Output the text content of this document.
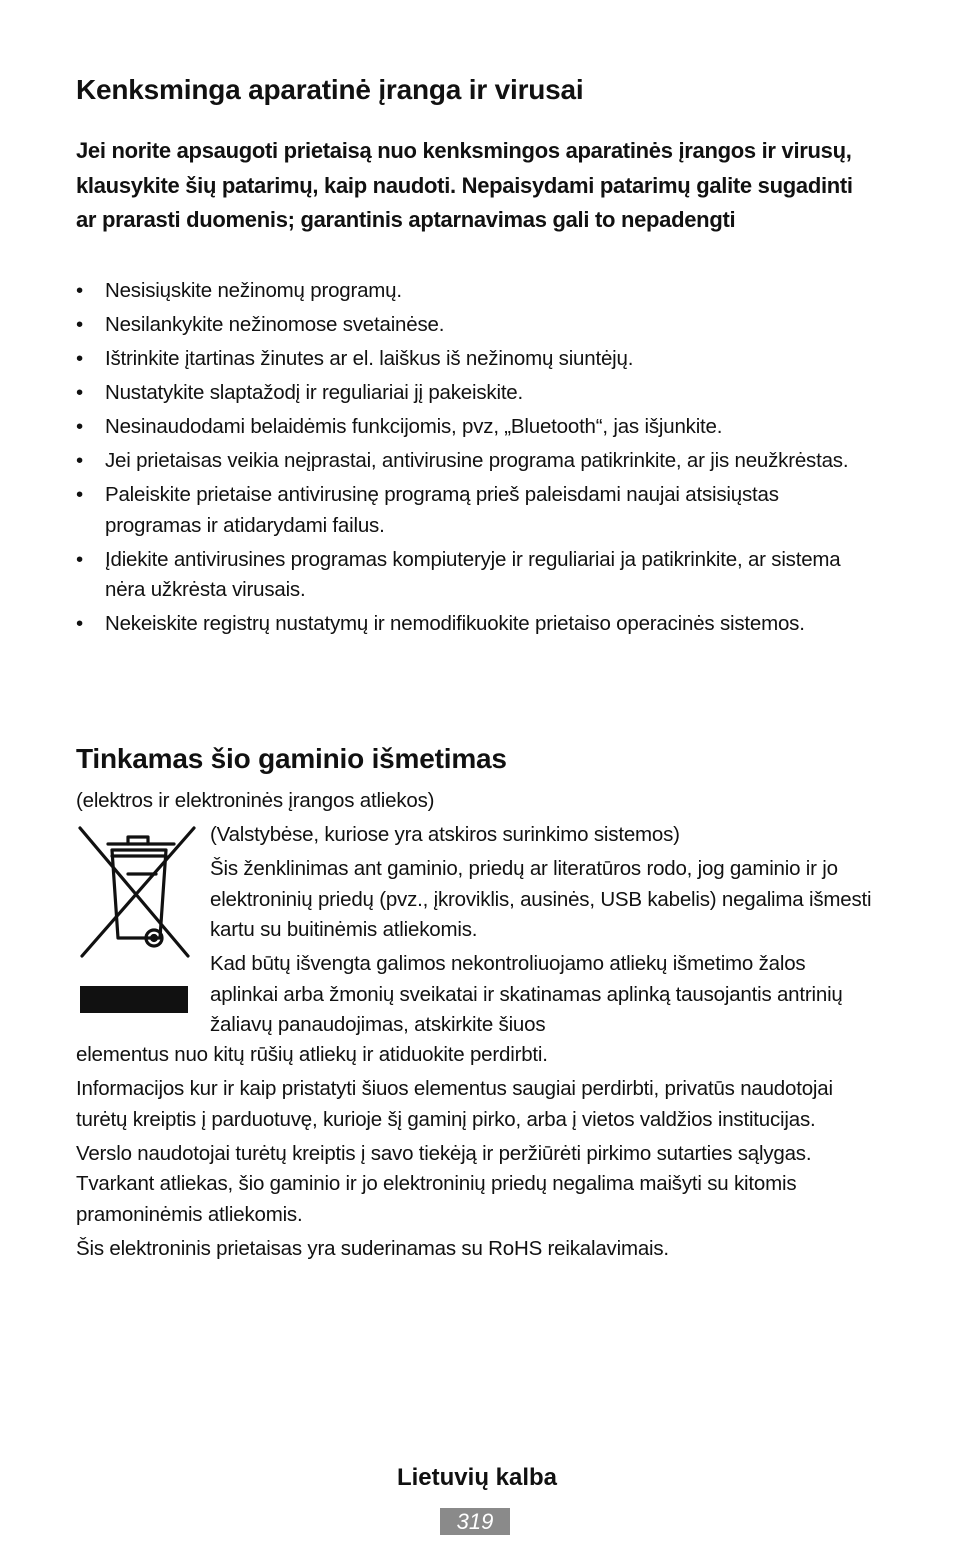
Kenksminga aparatinė įranga ir virusai
Jei norite apsaugoti prietaisą nuo kenksmingos aparatinės įrangos ir virusų, klausykite šių patarimų, kaip naudoti. Nepaisydami patarimų galite sugadinti ar prarasti duomenis; garantinis aptarnavimas gali to nepadengti
• Nesisiųskite nežinomų programų.
• Nesilankykite nežinomose svetainėse.
• Ištrinkite įtartinas žinutes ar el. laiškus iš nežinomų siuntėjų.
• Nustatykite slaptažodį ir reguliariai jį pakeiskite.
• Nesinaudodami belaidėmis funkcijomis, pvz, „Bluetooth“, jas išjunkite.
• Jei prietaisas veikia neįprastai, antivirusine programa patikrinkite, ar jis neužkrėstas.
• Paleiskite prietaise antivirusinę programą prieš paleisdami naujai atsisiųstas programas ir atidarydami failus.
• Įdiekite antivirusines programas kompiuteryje ir reguliariai ja patikrinkite, ar sistema nėra užkrėsta virusais.
• Nekeiskite registrų nustatymų ir nemodifikuokite prietaiso operacinės sistemos.
Tinkamas šio gaminio išmetimas
(elektros ir elektroninės įrangos atliekos)

(Valstybėse, kuriose yra atskiros surinkimo sistemos)

Šis ženklinimas ant gaminio, priedų ar literatūros rodo, jog gaminio ir jo elektroninių priedų (pvz., įkroviklis, ausinės, USB kabelis) negalima išmesti kartu su buitinėmis atliekomis.

Kad būtų išvengta galimos nekontroliuojamo atliekų išmetimo žalos aplinkai arba žmonių sveikatai ir skatinamas aplinką tausojantis antrinių žaliavų panaudojimas, atskirkite šiuos

elementus nuo kitų rūšių atliekų ir atiduokite perdirbti.

Informacijos kur ir kaip pristatyti šiuos elementus saugiai perdirbti, privatūs naudotojai turėtų kreiptis į parduotuvę, kurioje šį gaminį pirko, arba į vietos valdžios institucijas.

Verslo naudotojai turėtų kreiptis į savo tiekėją ir peržiūrėti pirkimo sutarties sąlygas. Tvarkant atliekas, šio gaminio ir jo elektroninių priedų negalima maišyti su kitomis pramoninėmis atliekomis.

Šis elektroninis prietaisas yra suderinamas su RoHS reikalavimais.

Lietuvių kalba
319
